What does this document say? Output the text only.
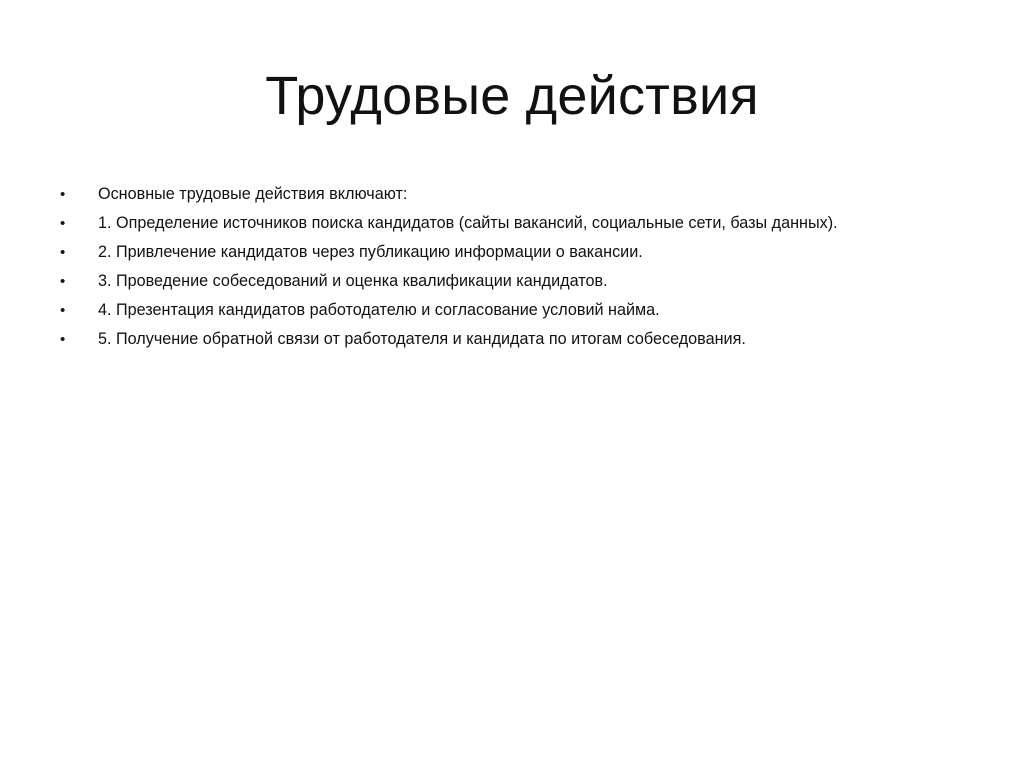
Трудовые действия
•	Основные трудовые действия включают:
•	1. Определение источников поиска кандидатов (сайты вакансий, социальные сети, базы данных).
•	2. Привлечение кандидатов через публикацию информации о вакансии.
•	3. Проведение собеседований и оценка квалификации кандидатов.
•	4. Презентация кандидатов работодателю и согласование условий найма.
•	5. Получение обратной связи от работодателя и кандидата по итогам собеседования.
